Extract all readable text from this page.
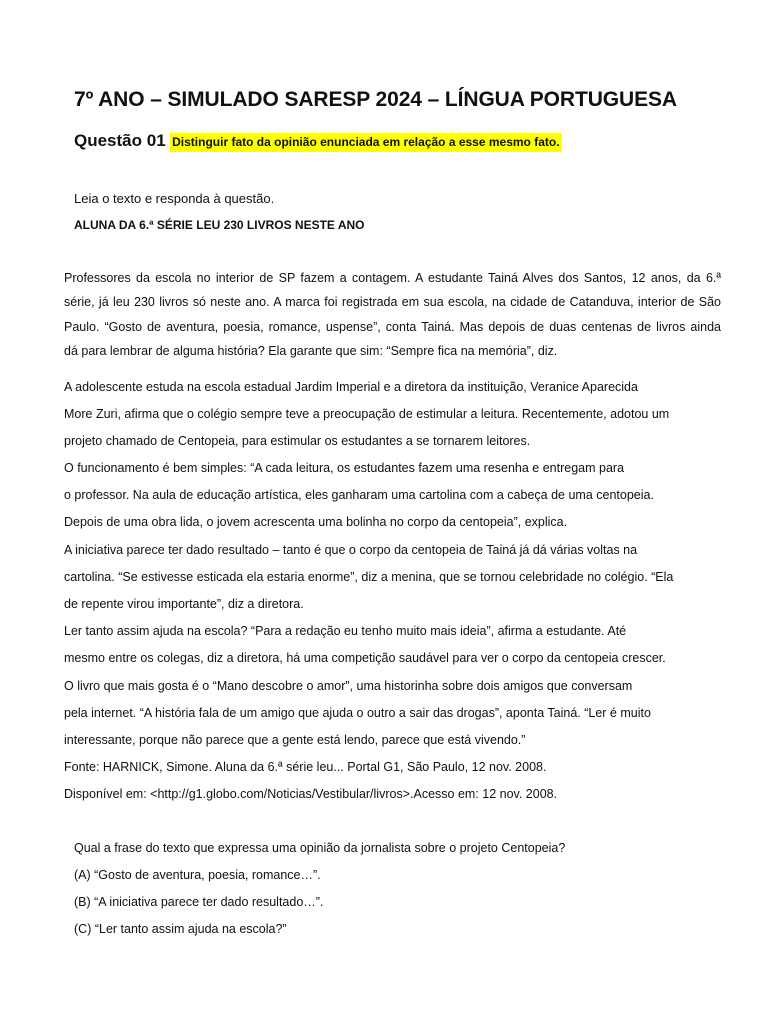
7º ANO – SIMULADO SARESP 2024 – LÍNGUA PORTUGUESA
Questão 01 Distinguir fato da opinião enunciada em relação a esse mesmo fato.
Leia o texto e responda à questão.
ALUNA DA 6.ª SÉRIE LEU 230 LIVROS NESTE ANO
Professores da escola no interior de SP fazem a contagem. A estudante Tainá Alves dos Santos, 12 anos, da 6.ª
série, já leu 230 livros só neste ano. A marca foi registrada em sua escola, na cidade de Catanduva, interior de São
Paulo. “Gosto de aventura, poesia, romance, uspense”, conta Tainá. Mas depois de duas centenas de livros ainda
dá para lembrar de alguma história? Ela garante que sim: “Sempre fica na memória”, diz.
A adolescente estuda na escola estadual Jardim Imperial e a diretora da instituição, Veranice Aparecida
More Zuri, afirma que o colégio sempre teve a preocupação de estimular a leitura. Recentemente, adotou um
projeto chamado de Centopeia, para estimular os estudantes a se tornarem leitores.
O funcionamento é bem simples: “A cada leitura, os estudantes fazem uma resenha e entregam para
o professor. Na aula de educação artística, eles ganharam uma cartolina com a cabeça de uma centopeia.
Depois de uma obra lida, o jovem acrescenta uma bolinha no corpo da centopeia”, explica.
A iniciativa parece ter dado resultado – tanto é que o corpo da centopeia de Tainá já dá várias voltas na
cartolina. “Se estivesse esticada ela estaria enorme”, diz a menina, que se tornou celebridade no colégio. “Ela
de repente virou importante”, diz a diretora.
Ler tanto assim ajuda na escola? “Para a redação eu tenho muito mais ideia”, afirma a estudante. Até
mesmo entre os colegas, diz a diretora, há uma competição saudável para ver o corpo da centopeia crescer.
O livro que mais gosta é o “Mano descobre o amor”, uma historinha sobre dois amigos que conversam
pela internet. “A história fala de um amigo que ajuda o outro a sair das drogas”, aponta Tainá. “Ler é muito
interessante, porque não parece que a gente está lendo, parece que está vivendo.”
Fonte: HARNICK, Simone. Aluna da 6.ª série leu... Portal G1, São Paulo, 12 nov. 2008.
Disponível em: <http://g1.globo.com/Noticias/Vestibular/livros>.Acesso em: 12 nov. 2008.
Qual a frase do texto que expressa uma opinião da jornalista sobre o projeto Centopeia?
(A) “Gosto de aventura, poesia, romance…”.
(B) “A iniciativa parece ter dado resultado…”.
(C) “Ler tanto assim ajuda na escola?”
